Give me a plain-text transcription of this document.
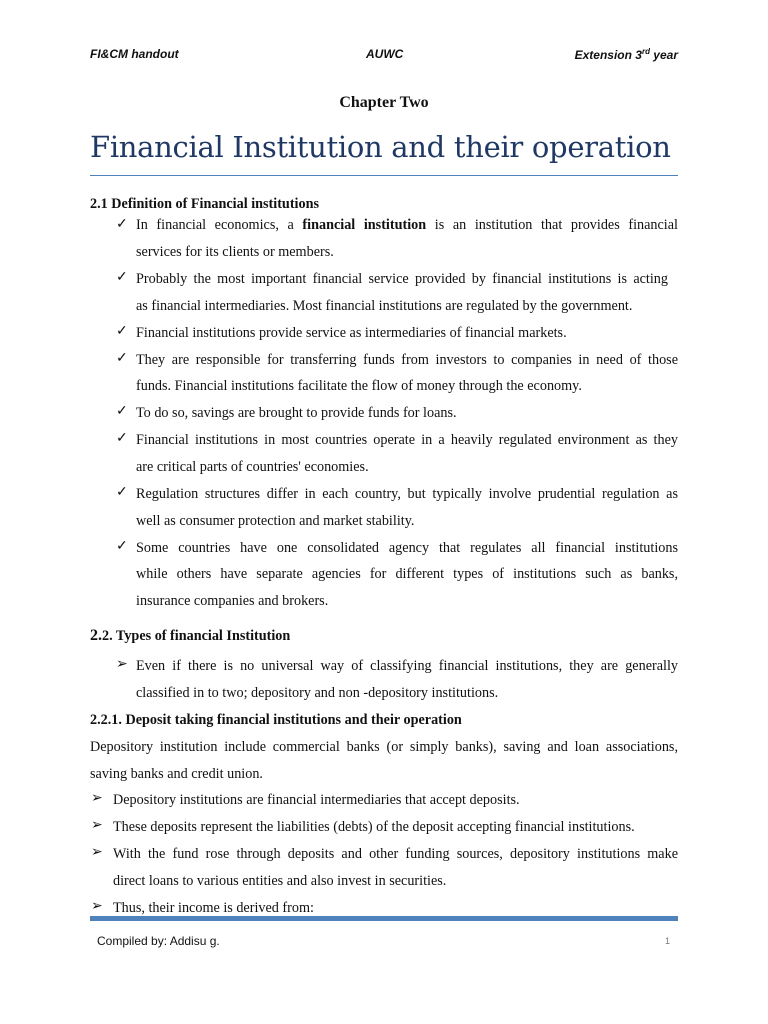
FI&CM handout	AUWC	Extension 3rd year
Chapter Two
Financial Institution and their operation
2.1 Definition of Financial institutions
✓ In financial economics, a financial institution is an institution that provides financial
services for its clients or members.
✓ Probably the most important financial service provided by financial institutions is acting
as financial intermediaries. Most financial institutions are regulated by the government.
✓ Financial institutions provide service as intermediaries of financial markets.
✓ They are responsible for transferring funds from investors to companies in need of those
funds. Financial institutions facilitate the flow of money through the economy.
✓ To do so, savings are brought to provide funds for loans.
✓ Financial institutions in most countries operate in a heavily regulated environment as they
are critical parts of countries' economies.
✓ Regulation structures differ in each country, but typically involve prudential regulation as
well as consumer protection and market stability.
✓ Some countries have one consolidated agency that regulates all financial institutions
while others have separate agencies for different types of institutions such as banks,
insurance companies and brokers.
2.2. Types of financial Institution
➢ Even if there is no universal way of classifying financial institutions, they are generally
classified in to two; depository and non -depository institutions.
2.2.1. Deposit taking financial institutions and their operation
Depository institution include commercial banks (or simply banks), saving and loan associations,
saving banks and credit union.
➢ Depository institutions are financial intermediaries that accept deposits.
➢ These deposits represent the liabilities (debts) of the deposit accepting financial institutions.
➢ With the fund rose through deposits and other funding sources, depository institutions make
direct loans to various entities and also invest in securities.
➢ Thus, their income is derived from:
Compiled by: Addisu g.	1
